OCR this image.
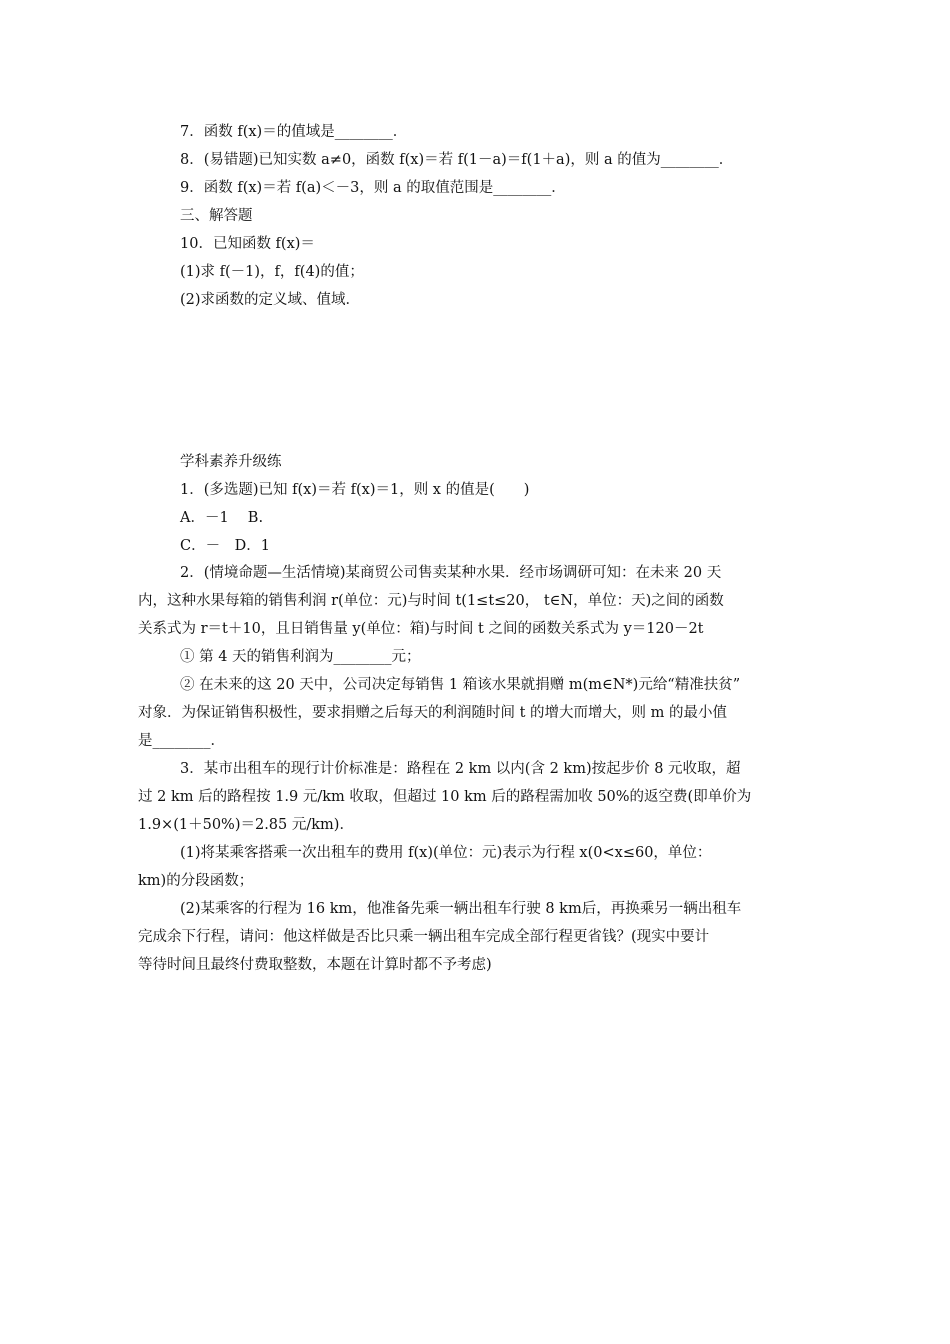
7．函数 f(x)＝的值域是________．
8．(易错题)已知实数 a≠0，函数 f(x)＝若 f(1－a)＝f(1＋a)，则 a 的值为________．
9．函数 f(x)＝若 f(a)＜－3，则 a 的取值范围是________．
三、解答题
10．已知函数 f(x)＝
(1)求 f(－1)，f，f(4)的值；
(2)求函数的定义域、值域．
学科素养升级练
1．(多选题)已知 f(x)＝若 f(x)＝1，则 x 的值是(　　)
A．－1　 B.
C．－　D．1
2．(情境命题—生活情境)某商贸公司售卖某种水果．经市场调研可知：在未来 20 天
内，这种水果每箱的销售利润 r(单位：元)与时间 t(1≤t≤20， t∈N，单位：天)之间的函数
关系式为 r＝t＋10，且日销售量 y(单位：箱)与时间 t 之间的函数关系式为 y＝120－2t
① 第 4 天的销售利润为________元；
② 在未来的这 20 天中，公司决定每销售 1 箱该水果就捐赠 m(m∈N*)元给“精准扶贫”
对象．为保证销售积极性，要求捐赠之后每天的利润随时间 t 的增大而增大，则 m 的最小值
是________．
3．某市出租车的现行计价标准是：路程在 2 km 以内(含 2 km)按起步价 8 元收取，超
过 2 km 后的路程按 1.9 元/km 收取，但超过 10 km 后的路程需加收 50%的返空费(即单价为
1.9×(1＋50%)＝2.85 元/km)．
(1)将某乘客搭乘一次出租车的费用 f(x)(单位：元)表示为行程 x(0<x≤60，单位：
km)的分段函数；
(2)某乘客的行程为 16 km，他准备先乘一辆出租车行驶 8 km后，再换乘另一辆出租车
完成余下行程，请问：他这样做是否比只乘一辆出租车完成全部行程更省钱？(现实中要计
等待时间且最终付费取整数，本题在计算时都不予考虑)
